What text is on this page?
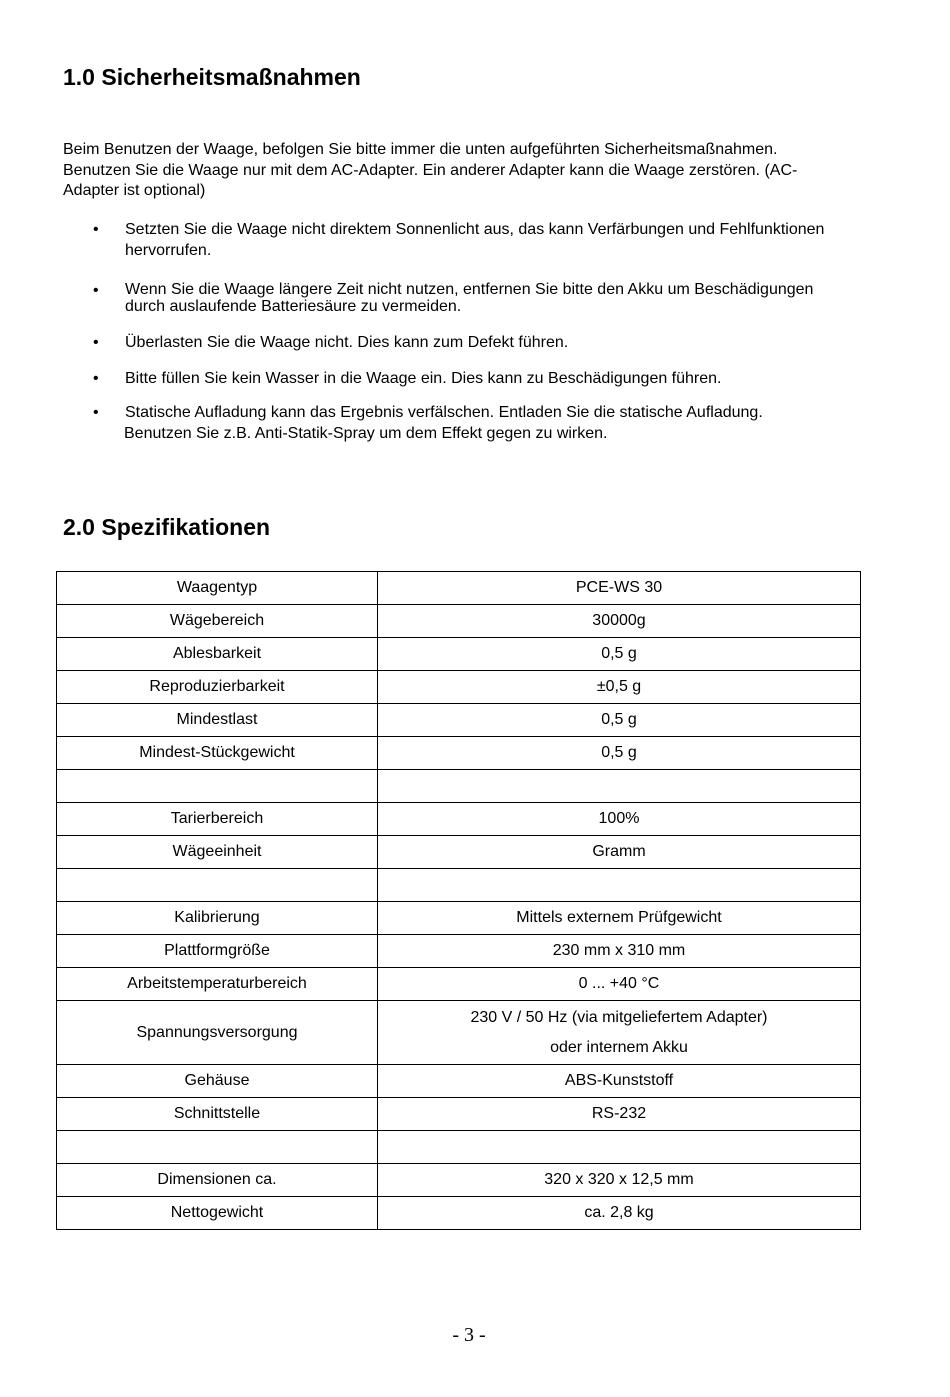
1.0 Sicherheitsmaßnahmen

Beim Benutzen der Waage, befolgen Sie bitte immer die unten aufgeführten Sicherheitsmaßnahmen.

Benutzen Sie die Waage nur mit dem AC-Adapter. Ein anderer Adapter kann die Waage zerstören. (AC-

Adapter ist optional)

• Setzten Sie die Waage nicht direktem Sonnenlicht aus, das kann Verfärbungen und Fehlfunktionen
hervorrufen.
• Wenn Sie die Waage längere Zeit nicht nutzen, entfernen Sie bitte den Akku um Beschädigungen
durch auslaufende Batteriesäure zu vermeiden.
• Überlasten Sie die Waage nicht. Dies kann zum Defekt führen.
• Bitte füllen Sie kein Wasser in die Waage ein. Dies kann zu Beschädigungen führen.
• Statische Aufladung kann das Ergebnis verfälschen. Entladen Sie die statische Aufladung.
Benutzen Sie z.B. Anti-Statik-Spray um dem Effekt gegen zu wirken.
2.0 Spezifikationen
Waagentyp	PCE-WS 30
Wägebereich	30000g
Ablesbarkeit	0,5 g
Reproduzierbarkeit	±0,5 g
Mindestlast	0,5 g
Mindest-Stückgewicht	0,5 g

Tarierbereich	100%
Wägeeinheit	Gramm

Kalibrierung	Mittels externem Prüfgewicht
Plattformgröße	230 mm x 310 mm
Arbeitstemperaturbereich	0 ... +40 °C
Spannungsversorgung	230 V / 50 Hz (via mitgeliefertem Adapter)
oder internem Akku

Gehäuse	ABS-Kunststoff
Schnittstelle	RS-232

Dimensionen ca.	320 x 320 x 12,5 mm
Nettogewicht	ca. 2,8 kg
- 3 -
